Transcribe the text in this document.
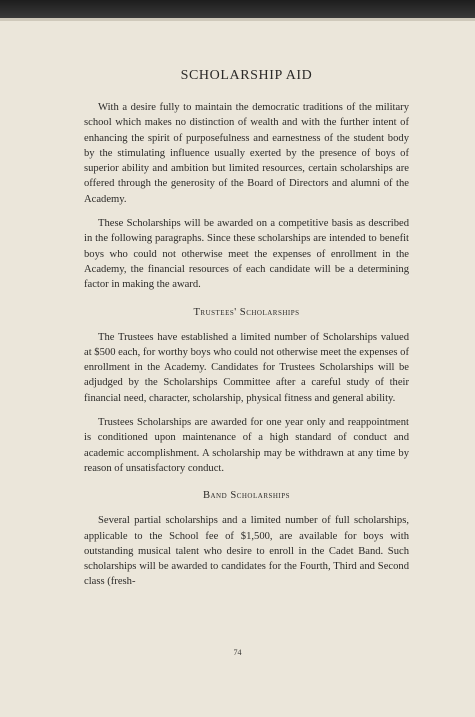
SCHOLARSHIP AID

With a desire fully to maintain the democratic traditions of the military school which makes no distinction of wealth and with the further intent of enhancing the spirit of purposefulness and earnestness of the student body by the stimulating influence usually exerted by the presence of boys of superior ability and ambition but limited resources, certain scholarships are offered through the generosity of the Board of Directors and alumni of the Academy.

These Scholarships will be awarded on a competitive basis as described in the following paragraphs. Since these scholarships are intended to benefit boys who could not otherwise meet the expenses of enrollment in the Academy, the financial resources of each candidate will be a determining factor in making the award.

Trustees' Scholarships

The Trustees have established a limited number of Scholarships valued at $500 each, for worthy boys who could not otherwise meet the expenses of enrollment in the Academy. Candidates for Trustees Scholarships will be adjudged by the Scholarships Committee after a careful study of their financial need, character, scholarship, physical fitness and general ability.

Trustees Scholarships are awarded for one year only and reappointment is conditioned upon maintenance of a high standard of conduct and academic accomplishment. A scholarship may be withdrawn at any time by reason of unsatisfactory conduct.

Band Scholarships

Several partial scholarships and a limited number of full scholarships, applicable to the School fee of $1,500, are available for boys with outstanding musical talent who desire to enroll in the Cadet Band. Such scholarships will be awarded to candidates for the Fourth, Third and Second class (fresh-

74
